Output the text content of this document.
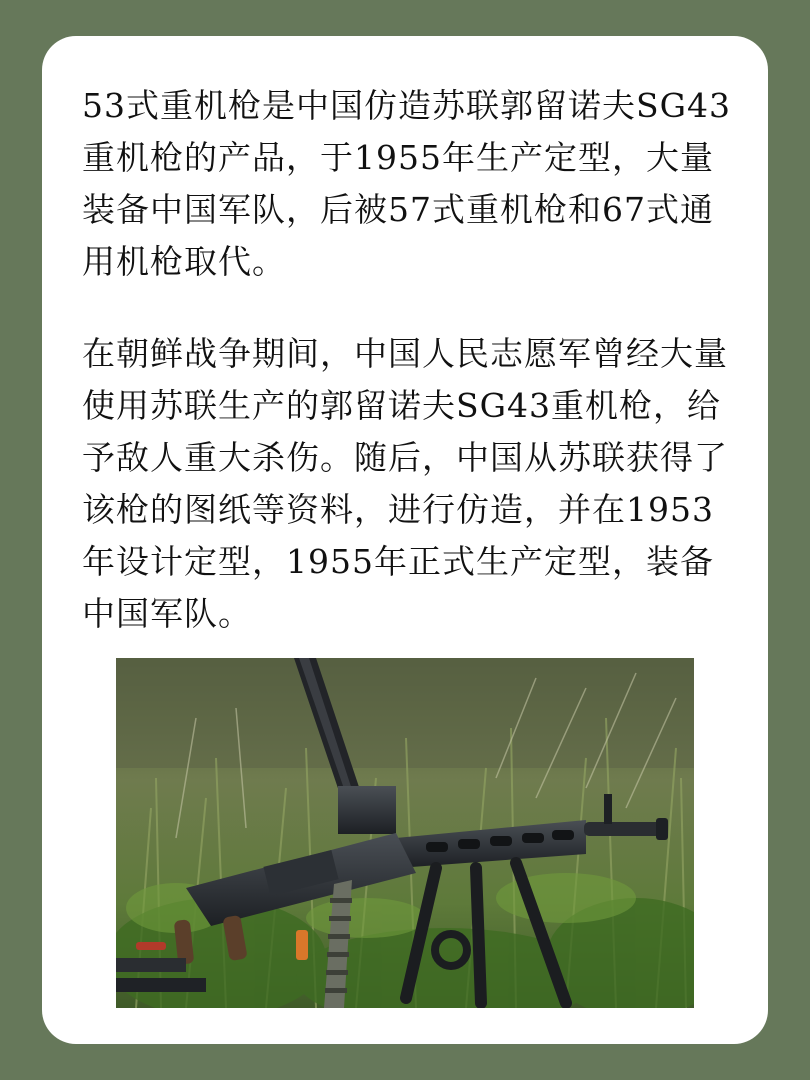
53式重机枪是中国仿造苏联郭留诺夫SG43重机枪的产品，于1955年生产定型，大量装备中国军队，后被57式重机枪和67式通用机枪取代。

在朝鲜战争期间，中国人民志愿军曾经大量使用苏联生产的郭留诺夫SG43重机枪，给予敌人重大杀伤。随后，中国从苏联获得了该枪的图纸等资料，进行仿造，并在1953年设计定型，1955年正式生产定型，装备中国军队。
